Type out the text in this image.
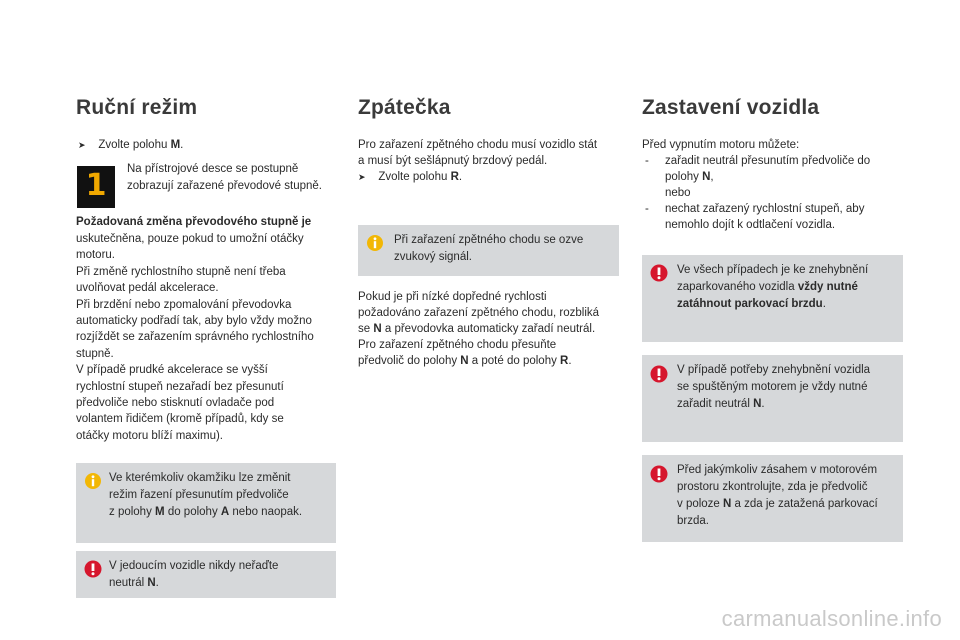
Ruční režim
➤ Zvolte polohu M.
1	Na přístrojové desce se postupně
zobrazují zařazené převodové stupně.
Požadovaná změna převodového stupně je
uskutečněna, pouze pokud to umožní otáčky
motoru.
Při změně rychlostního stupně není třeba
uvolňovat pedál akcelerace.
Při brzdění nebo zpomalování převodovka
automaticky podřadí tak, aby bylo vždy možno
rozjíždět se zařazením správného rychlostního
stupně.
V případě prudké akcelerace se vyšší
rychlostní stupeň nezařadí bez přesunutí
předvoliče nebo stisknutí ovladače pod
volantem řidičem (kromě případů, kdy se
otáčky motoru blíží maximu).
Ve kterémkoliv okamžiku lze změnit
režim řazení přesunutím předvoliče
z polohy M do polohy A nebo naopak.
V jedoucím vozidle nikdy neřaďte
neutrál N.
Zpátečka
Pro zařazení zpětného chodu musí vozidlo stát
a musí být sešlápnutý brzdový pedál.
➤ Zvolte polohu R.
Při zařazení zpětného chodu se ozve
zvukový signál.
Pokud je při nízké dopředné rychlosti
požadováno zařazení zpětného chodu, rozbliká
se N a převodovka automaticky zařadí neutrál.
Pro zařazení zpětného chodu přesuňte
předvolič do polohy N a poté do polohy R.
Zastavení vozidla
Před vypnutím motoru můžete:
- zařadit neutrál přesunutím předvoliče do
polohy N,
nebo
- nechat zařazený rychlostní stupeň, aby
nemohlo dojít k odtlačení vozidla.
Ve všech případech je ke znehybnění
zaparkovaného vozidla vždy nutné
zatáhnout parkovací brzdu.
V případě potřeby znehybnění vozidla
se spuštěným motorem je vždy nutné
zařadit neutrál N.
Před jakýmkoliv zásahem v motorovém
prostoru zkontrolujte, zda je předvolič
v poloze N a zda je zatažená parkovací
brzda.
carmanualsonline.info
